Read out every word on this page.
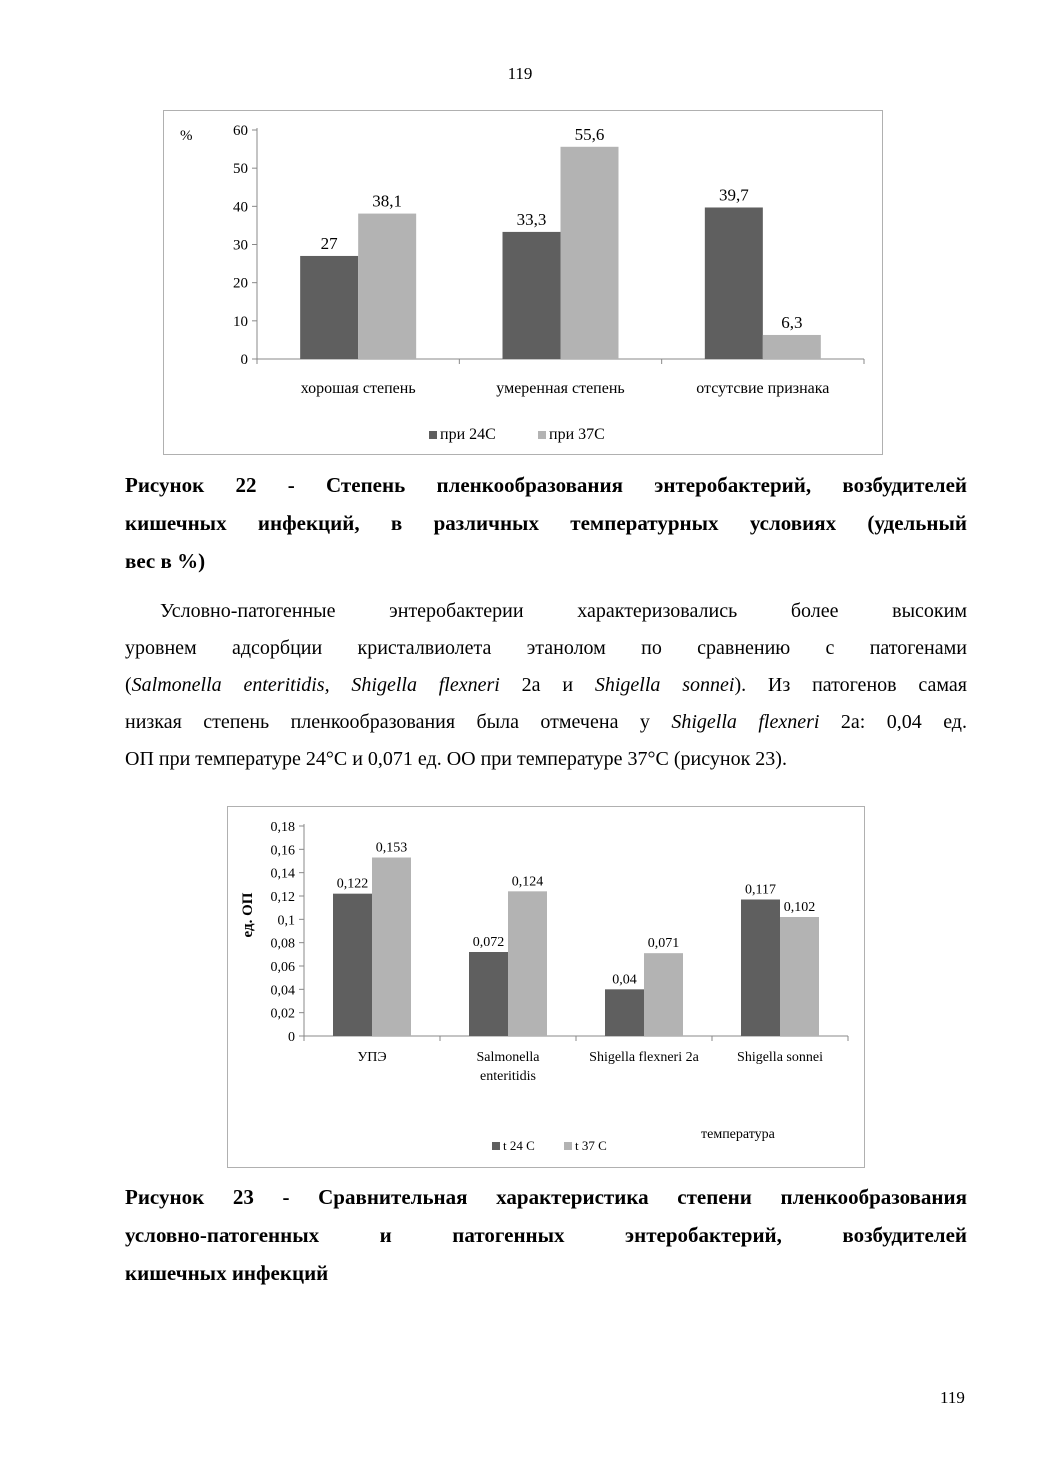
119
%
0
10
20
30
40
50
60
27
38,1
хорошая степень
33,3
55,6
умеренная степень
39,7
6,3
отсутсвие признака
при 24С	при 37С
Рисунок 22 - Степень пленкообразования энтеробактерий, возбудителей
кишечных инфекций, в различных температурных условиях (удельный
вес в %)
Условно-патогенные энтеробактерии характеризовались более высоким
уровнем адсорбции кристалвиолета этанолом по сравнению с патогенами
(Salmonella enteritidis, Shigella flexneri 2а и Shigella sonnei). Из патогенов самая
низкая степень пленкообразования была отмечена у Shigella flexneri 2а: 0,04 ед.
ОП при температуре 24°С и 0,071 ед. ОО при температуре 37°С (рисунок 23).
ед. ОП
температура
0
0,02
0,04
0,06
0,08
0,1
0,12
0,14
0,16
0,18
0,122
0,153
УПЭ
0,072
0,124
Salmonella
enteritidis
0,04
0,071
Shigella flexneri 2a
0,117
0,102
Shigella sonnei
t 24 С	t 37 С
Рисунок 23 - Сравнительная характеристика степени пленкообразования
условно-патогенных и патогенных энтеробактерий, возбудителей
кишечных инфекций
119
